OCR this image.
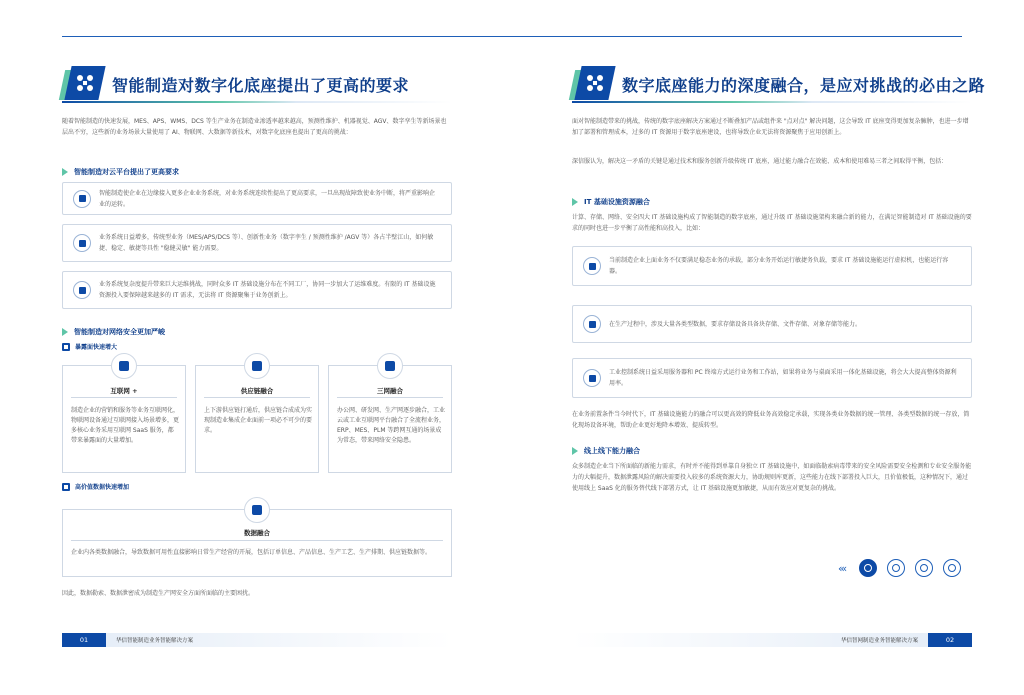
智能制造对数字化底座提出了更高的要求

随着智能制造的快速发展，MES、APS、WMS、DCS 等生产业务在制造业渗透率越来越高，预测性维护、机器视觉、AGV、数字孪生等新场景也层出不穷，这些新的业务场景大量使用了 AI、物联网、大数据等新技术，对数字化底座也提出了更高的挑战：

智能制造对云平台提出了更高要求
智能制造使企业在边缘接入更多企业业务系统，对业务系统连续性提出了更高要求，一旦出现故障致使业务中断，将严重影响企业的运转。
业务系统日益增多，传统型业务（MES/APS/DCS 等）、创新性业务（数字孪生 / 预测性维护 /AGV 等）各占半壁江山，如何敏捷、稳定、敏捷等具性 "稳健灵敏" 能力需要。
业务系统复杂度提升带来巨大运维挑战，同时众多 IT 基础设施分布在不同工厂，协同一步加大了运维难度。有限的 IT 基础设施资源投入要保障越来越多的 IT 需求，无法将 IT 资源聚集于业务创新上。
智能制造对网络安全更加严峻
暴露面快速增大
互联网 +
制造企业的营销和服务等业务互联网化，物联网设备通过互联网接入场景增多，更多核心业务采用互联网 SaaS 服务，都带来暴露面的大量增加。
供应链融合
上下游供应链打通后，供应链合成成为实现制造业集成企业面前一项必不可少的要求。
三网融合
办公网、研发网、生产网逐步融合，工业云或工业互联网平台融合了全流程业务，ERP、MES、PLM 等跨网互通的场景成为常态，带来网络安全隐患。
高价值数据快速增加
数据融合
企业内各类数据融合，导致数据可用性直接影响日常生产经营的开展，包括订单信息、产品信息、生产工艺、生产排期、供应链数据等。

因此，数据勒索、数据泄密成为制造生产网安全方面所面临的主要困扰。

01	华信智能制造业务智能解决方案
数字底座能力的深度融合，是应对挑战的必由之路

面对智能制造带来的挑战，传统的数字底座解决方案通过不断叠加产品或组件来 "点对点" 解决问题，这会导致 IT 底座变得更加复杂臃肿，也进一步增加了部署和管理成本，过多的 IT 资源用于数字底座建设，也将导致企业无法将资源聚焦于应用创新上。

深信服认为，解决这一矛盾的关键是通过技术和服务创新升级传统 IT 底座，通过能力融合在效能、成本和使用难易三者之间取得平衡，包括：

IT 基础设施资源融合

计算、存储、网络、安全四大 IT 基础设施构成了智能制造的数字底座，通过升级 IT 基础设施架构来融合新的能力，在满足智能制造对 IT 基础设施的要求的同时也进一步平衡了高性能和高投入，比如：

当前制造企业上面业务不仅要满足稳态业务的承载，部分业务开始运行敏捷务负载，要求 IT 基础设施能运行虚拟机，也能运行容器。
在生产过程中，涉及大量各类型数据，要求存储设备具备块存储、文件存储、对象存储等能力。
工业控制系统日益采用服务器和 PC 终端方式运行业务和工作站，如果将业务与桌面采用一体化基础设施，将会大大提高整体资源利用率。

在业务前置条件当今时代下，IT 基础设施能力的融合可以更高效的降低业务高效稳定承载，实现各类业务数据的统一管理、各类型数据的统一存放，简化现场设备环境，帮助企业更好地降本增效、提质转型。

线上线下能力融合

众多制造企业当下所面临的新能力需求，有时并不能得到单靠自身独立 IT 基础设施中，如面临勒索病毒带来的安全风险需要安全检测和专业安全服务能力的大幅提升，数据泄露风险的解决需要投入较多的系统资源大力，协助规则库更新，这些能力在线下部署投入巨大，且价值极低，这种情况下，通过使用线上 SaaS 化的服务替代线下部署方式，让 IT 基础设施更加敏捷，从而有效应对更复杂的挑战。

‹‹‹
华信智网制造业务智能解决方案	02
